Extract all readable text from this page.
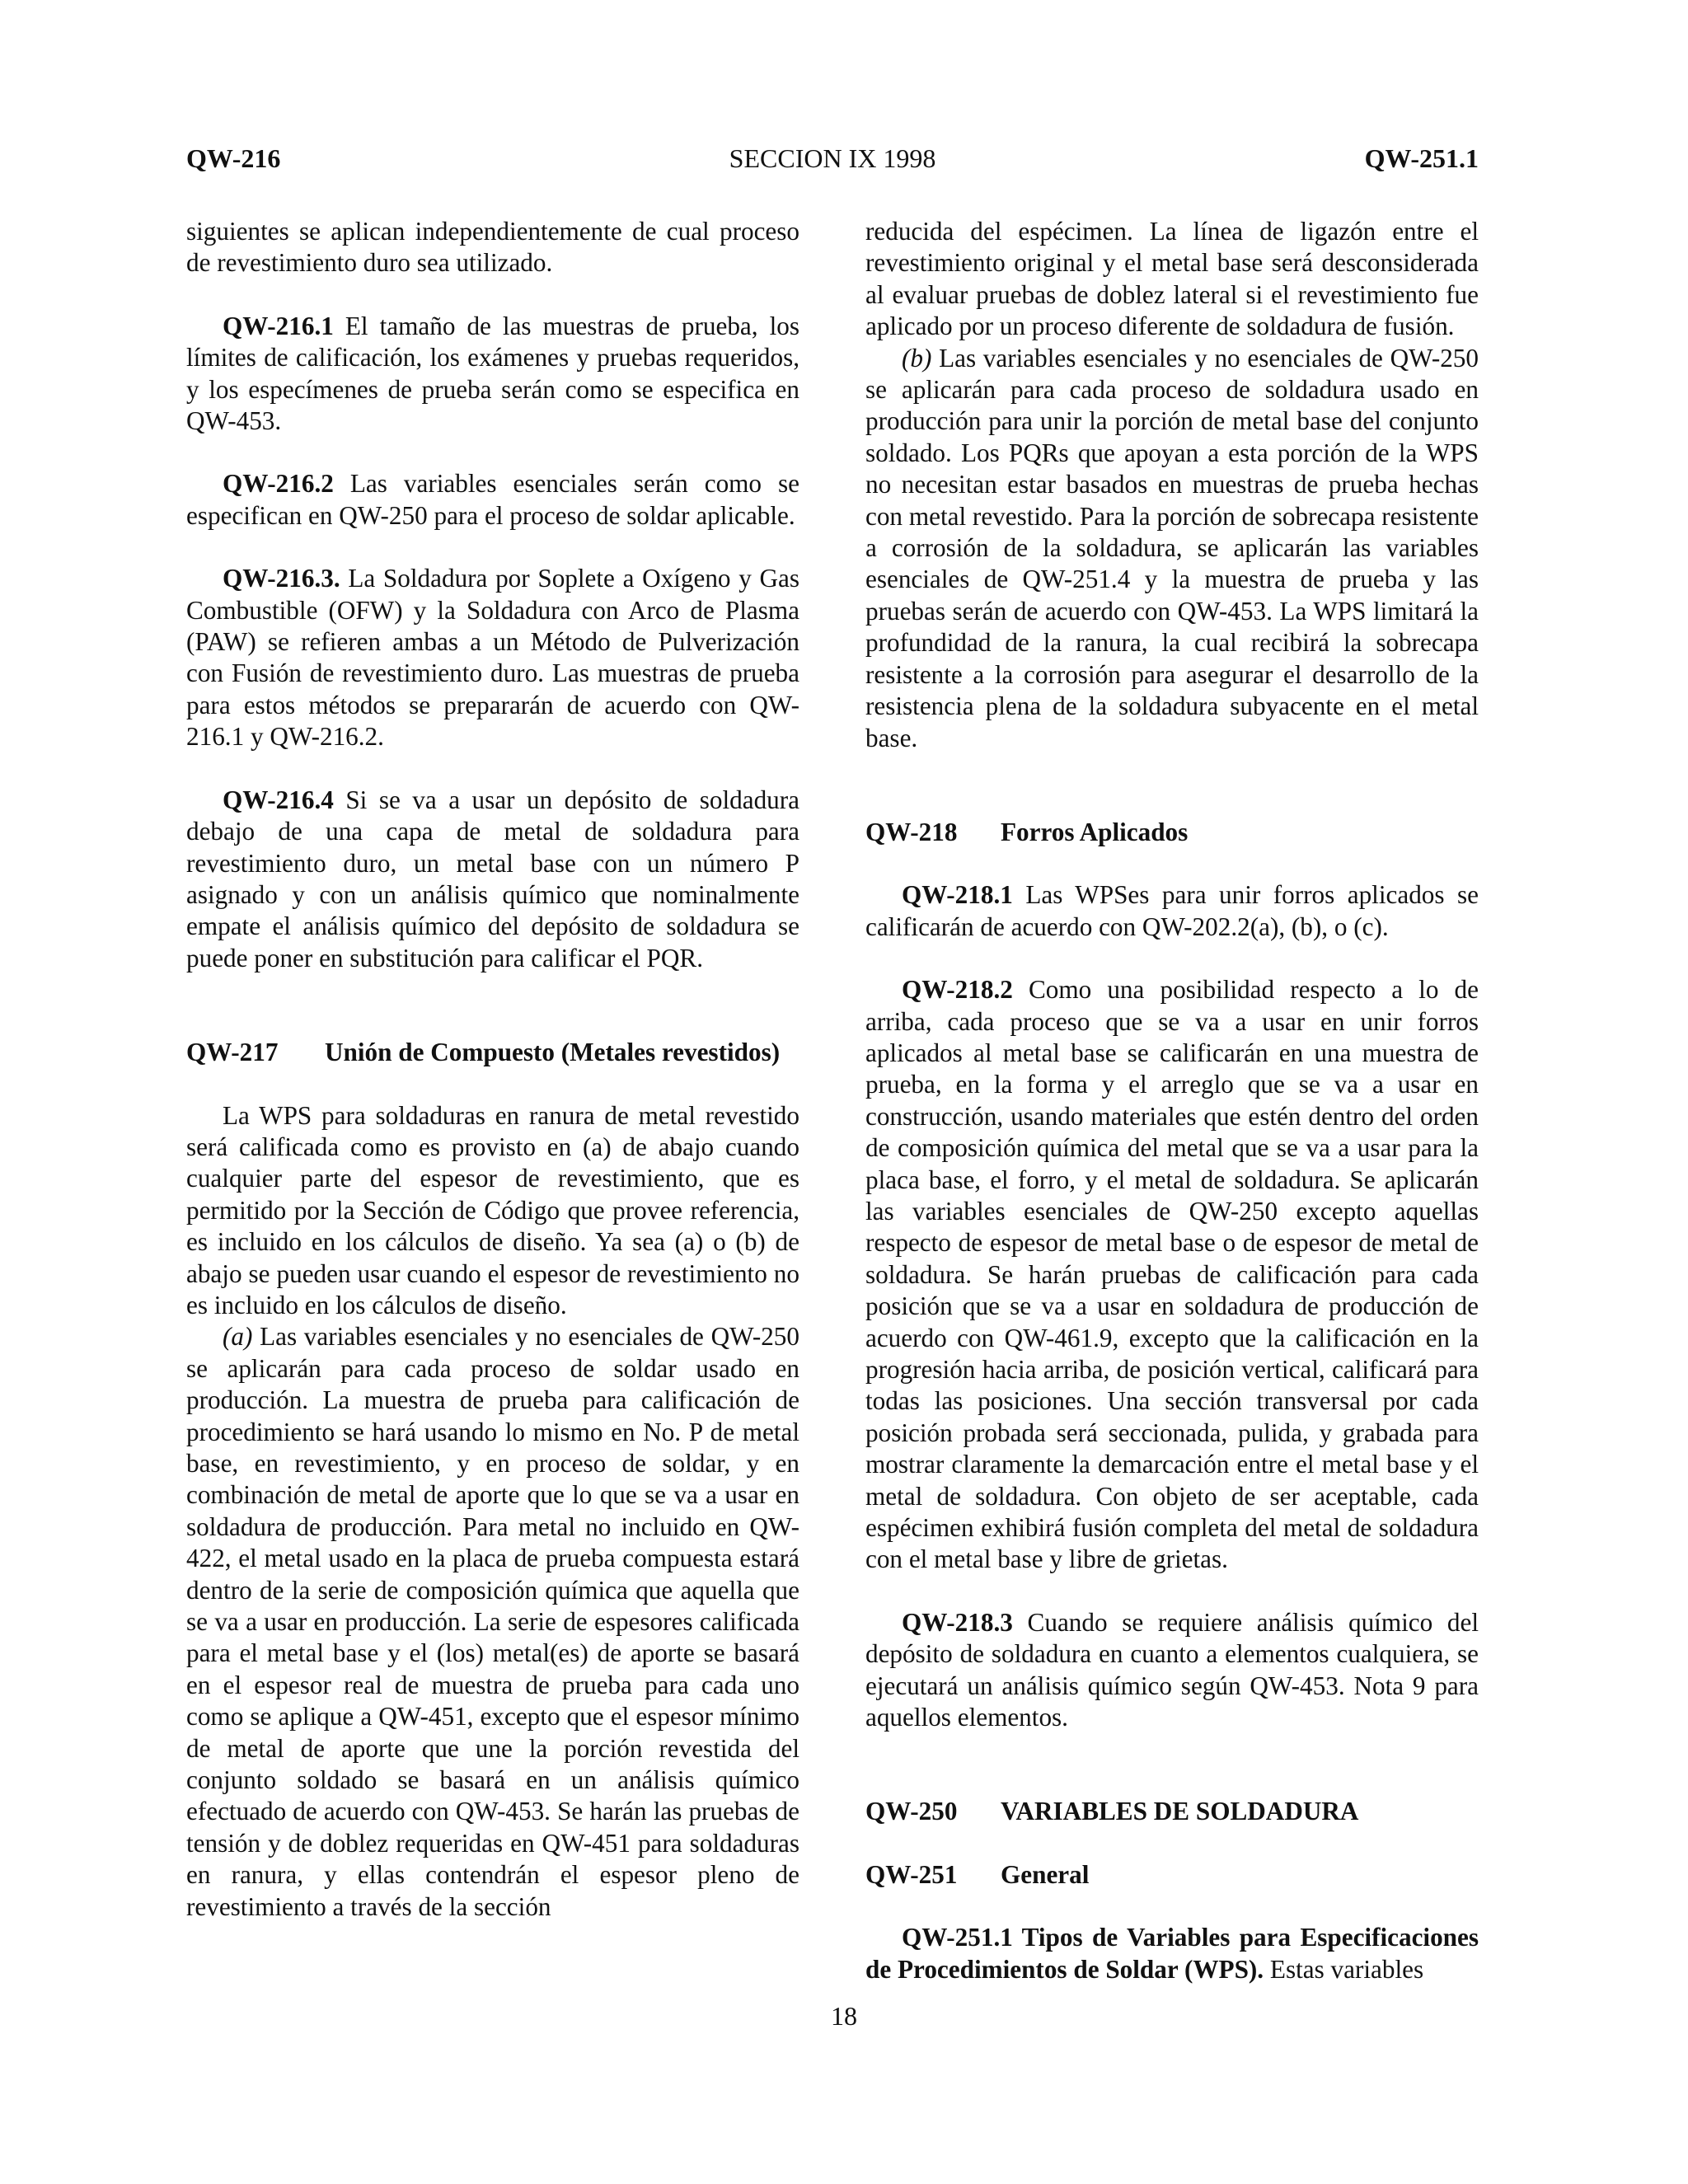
QW-216	SECCION IX 1998	QW-251.1

siguientes se aplican independientemente de cual proceso de revestimiento duro sea utilizado.

QW-216.1 El tamaño de las muestras de prueba, los límites de calificación, los exámenes y pruebas requeridos, y los especímenes de prueba serán como se especifica en QW-453.

QW-216.2 Las variables esenciales serán como se especifican en QW-250 para el proceso de soldar aplicable.

QW-216.3. La Soldadura por Soplete a Oxígeno y Gas Combustible (OFW) y la Soldadura con Arco de Plasma (PAW) se refieren ambas a un Método de Pulverización con Fusión de revestimiento duro. Las muestras de prueba para estos métodos se prepararán de acuerdo con QW-216.1 y QW-216.2.

QW-216.4 Si se va a usar un depósito de soldadura debajo de una capa de metal de soldadura para revestimiento duro, un metal base con un número P asignado y con un análisis químico que nominalmente empate el análisis químico del depósito de soldadura se puede poner en substitución para calificar el PQR.

QW-217	Unión de Compuesto (Metales revestidos)

La WPS para soldaduras en ranura de metal revestido será calificada como es provisto en (a) de abajo cuando cualquier parte del espesor de revestimiento, que es permitido por la Sección de Código que provee referencia, es incluido en los cálculos de diseño. Ya sea (a) o (b) de abajo se pueden usar cuando el espesor de revestimiento no es incluido en los cálculos de diseño.

(a) Las variables esenciales y no esenciales de QW-250 se aplicarán para cada proceso de soldar usado en producción. La muestra de prueba para calificación de procedimiento se hará usando lo mismo en No. P de metal base, en revestimiento, y en proceso de soldar, y en combinación de metal de aporte que lo que se va a usar en soldadura de producción. Para metal no incluido en QW-422, el metal usado en la placa de prueba compuesta estará dentro de la serie de composición química que aquella que se va a usar en producción. La serie de espesores calificada para el metal base y el (los) metal(es) de aporte se basará en el espesor real de muestra de prueba para cada uno como se aplique a QW-451, excepto que el espesor mínimo de metal de aporte que une la porción revestida del conjunto soldado se basará en un análisis químico efectuado de acuerdo con QW-453. Se harán las pruebas de tensión y de doblez requeridas en QW-451 para soldaduras en ranura, y ellas contendrán el espesor pleno de revestimiento a través de la sección

reducida del espécimen. La línea de ligazón entre el revestimiento original y el metal base será desconsiderada al evaluar pruebas de doblez lateral si el revestimiento fue aplicado por un proceso diferente de soldadura de fusión.

(b) Las variables esenciales y no esenciales de QW-250 se aplicarán para cada proceso de soldadura usado en producción para unir la porción de metal base del conjunto soldado. Los PQRs que apoyan a esta porción de la WPS no necesitan estar basados en muestras de prueba hechas con metal revestido. Para la porción de sobrecapa resistente a corrosión de la soldadura, se aplicarán las variables esenciales de QW-251.4 y la muestra de prueba y las pruebas serán de acuerdo con QW-453. La WPS limitará la profundidad de la ranura, la cual recibirá la sobrecapa resistente a la corrosión para asegurar el desarrollo de la resistencia plena de la soldadura subyacente en el metal base.

QW-218	Forros Aplicados

QW-218.1 Las WPSes para unir forros aplicados se calificarán de acuerdo con QW-202.2(a), (b), o (c).

QW-218.2 Como una posibilidad respecto a lo de arriba, cada proceso que se va a usar en unir forros aplicados al metal base se calificarán en una muestra de prueba, en la forma y el arreglo que se va a usar en construcción, usando materiales que estén dentro del orden de composición química del metal que se va a usar para la placa base, el forro, y el metal de soldadura. Se aplicarán las variables esenciales de QW-250 excepto aquellas respecto de espesor de metal base o de espesor de metal de soldadura. Se harán pruebas de calificación para cada posición que se va a usar en soldadura de producción de acuerdo con QW-461.9, excepto que la calificación en la progresión hacia arriba, de posición vertical, calificará para todas las posiciones. Una sección transversal por cada posición probada será seccionada, pulida, y grabada para mostrar claramente la demarcación entre el metal base y el metal de soldadura. Con objeto de ser aceptable, cada espécimen exhibirá fusión completa del metal de soldadura con el metal base y libre de grietas.

QW-218.3 Cuando se requiere análisis químico del depósito de soldadura en cuanto a elementos cualquiera, se ejecutará un análisis químico según QW-453. Nota 9 para aquellos elementos.

QW-250	VARIABLES DE SOLDADURA
QW-251	General

QW-251.1 Tipos de Variables para Especificaciones de Procedimientos de Soldar (WPS). Estas variables

18
